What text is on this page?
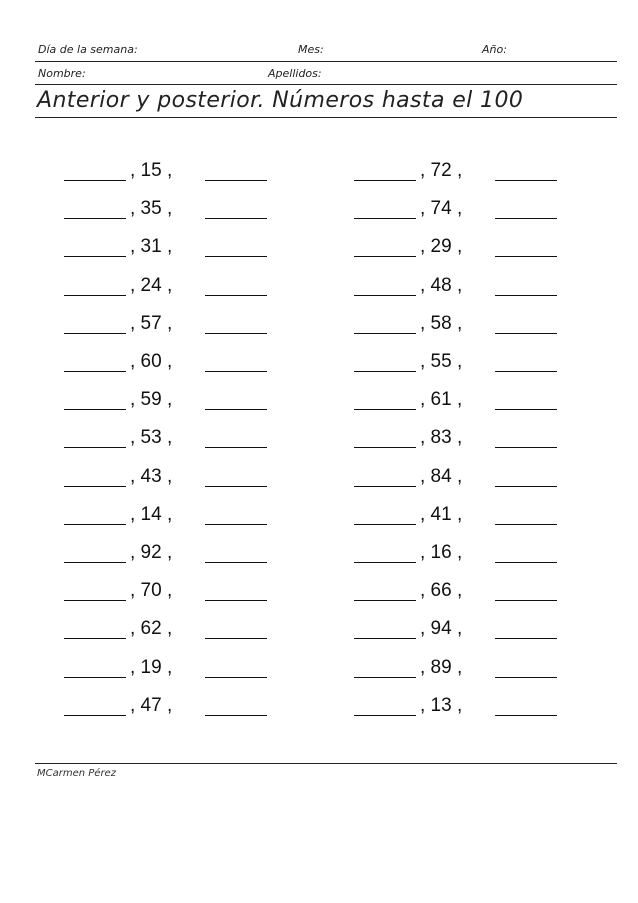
Día de la semana:	Mes:	Año:
Nombre:	Apellidos:
Anterior y posterior. Números hasta el 100
, 15 ,
, 35 ,
, 31 ,
, 24 ,
, 57 ,
, 60 ,
, 59 ,
, 53 ,
, 43 ,
, 14 ,
, 92 ,
, 70 ,
, 62 ,
, 19 ,
, 47 ,
, 72 ,
, 74 ,
, 29 ,
, 48 ,
, 58 ,
, 55 ,
, 61 ,
, 83 ,
, 84 ,
, 41 ,
, 16 ,
, 66 ,
, 94 ,
, 89 ,
, 13 ,
MCarmen Pérez
